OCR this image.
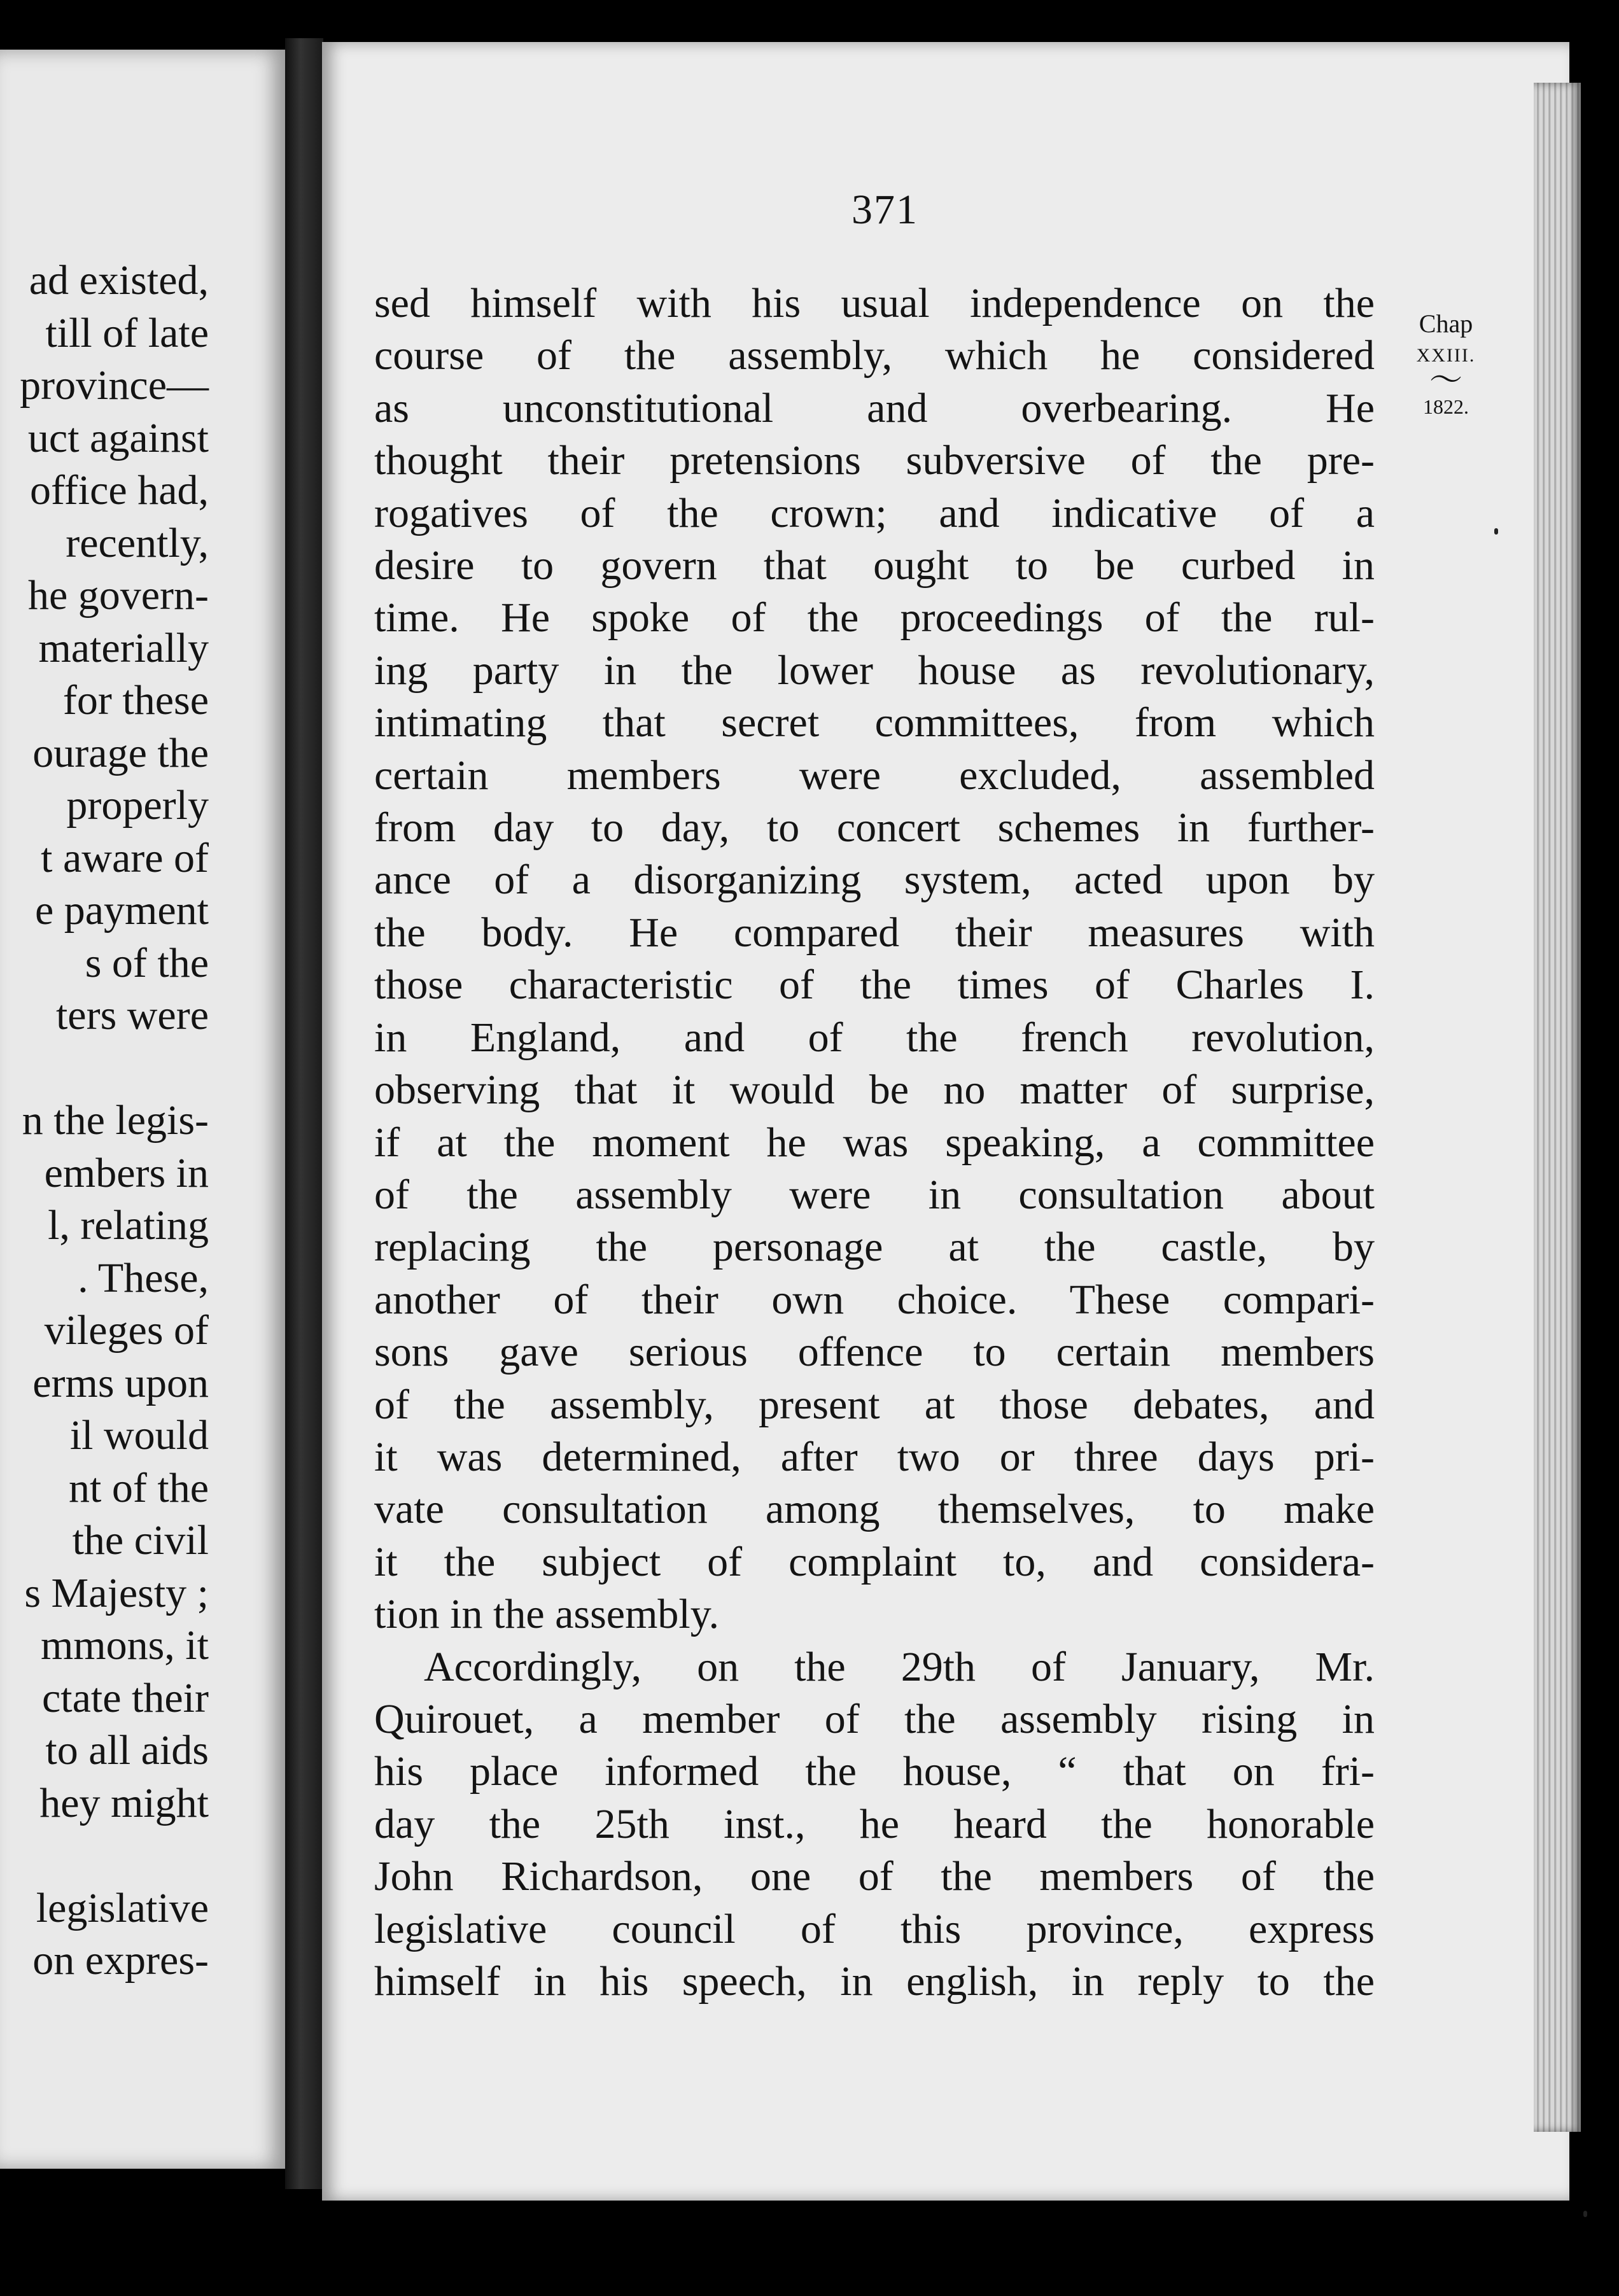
ad existed,
till of late
province—
uct against
office had,
recently,
he govern-
materially
for these
ourage the
properly
t aware of
e payment
s of the
ters were
n the legis-
embers in
l, relating
. These,
vileges of
erms upon
il would
nt of the
the civil
s Majesty ;
mmons, it
ctate their
to all aids
hey might
legislative
on expres-

371

Chap
XXIII.
〜
1822.
sed himself with his usual independence on the
course of the assembly, which he considered
as unconstitutional and overbearing. He
thought their pretensions subversive of the pre-
rogatives of the crown; and indicative of a
desire to govern that ought to be curbed in
time. He spoke of the proceedings of the rul-
ing party in the lower house as revolutionary,
intimating that secret committees, from which
certain members were excluded, assembled
from day to day, to concert schemes in further-
ance of a disorganizing system, acted upon by
the body. He compared their measures with
those characteristic of the times of Charles I.
in England, and of the french revolution,
observing that it would be no matter of surprise,
if at the moment he was speaking, a committee
of the assembly were in consultation about
replacing the personage at the castle, by
another of their own choice. These compari-
sons gave serious offence to certain members
of the assembly, present at those debates, and
it was determined, after two or three days pri-
vate consultation among themselves, to make
it the subject of complaint to, and considera-
tion in the assembly.
Accordingly, on the 29th of January, Mr.
Quirouet, a member of the assembly rising in
his place informed the house, “ that on fri-
day the 25th inst., he heard the honorable
John Richardson, one of the members of the
legislative council of this province, express
himself in his speech, in english, in reply to the
